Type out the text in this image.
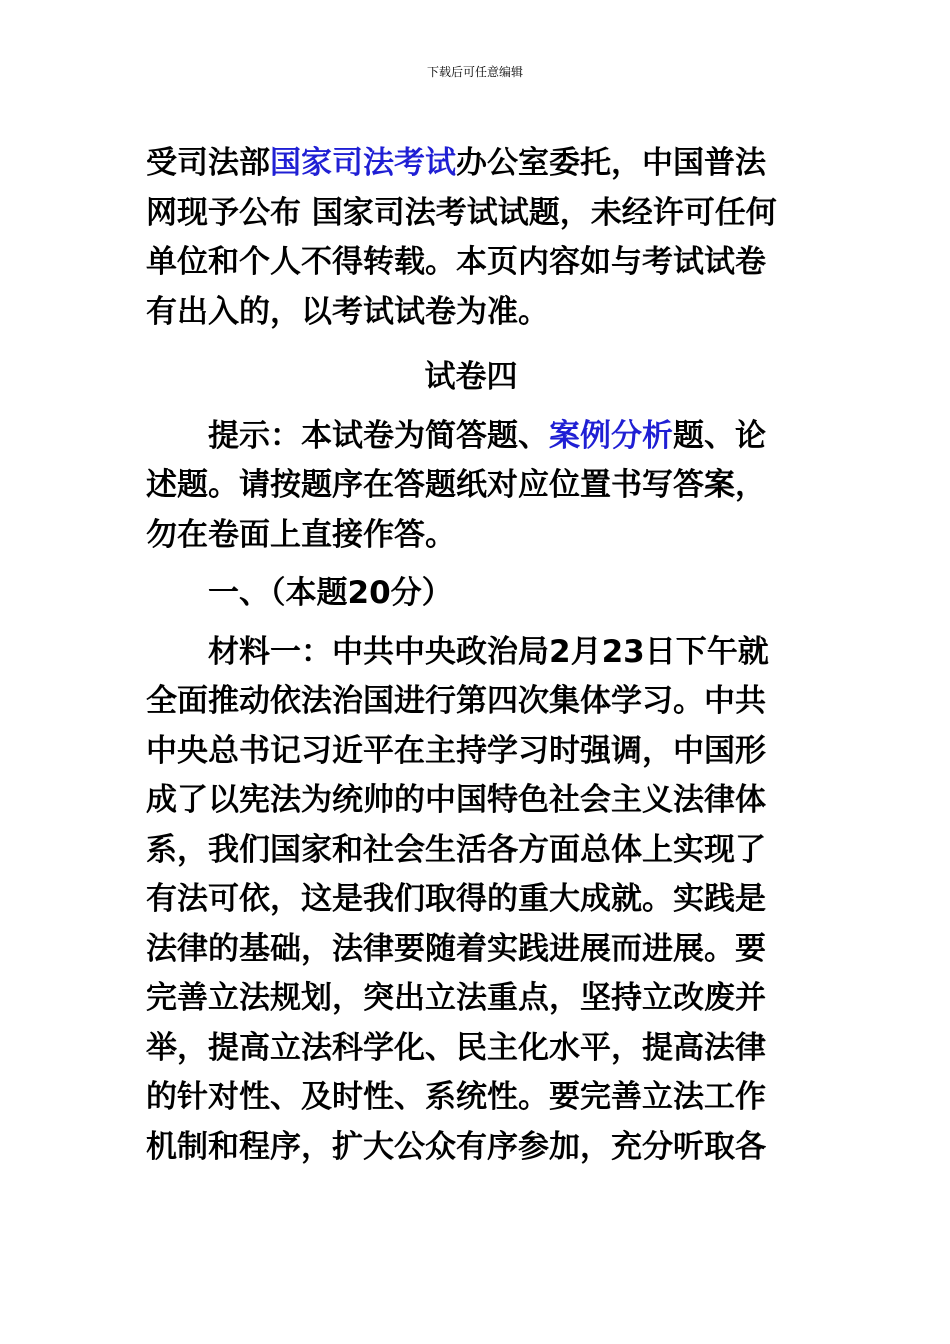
下载后可任意编辑

受司法部国家司法考试办公室委托，中国普法网现予公布 国家司法考试试题，未经许可任何单位和个人不得转载。本页内容如与考试试卷有出入的，以考试试卷为准。

试卷四

提示：本试卷为简答题、案例分析题、论述题。请按题序在答题纸对应位置书写答案，勿在卷面上直接作答。

一、（本题20分）

材料一：中共中央政治局2月23日下午就全面推动依法治国进行第四次集体学习。中共中央总书记习近平在主持学习时强调，中国形成了以宪法为统帅的中国特色社会主义法律体系，我们国家和社会生活各方面总体上实现了有法可依，这是我们取得的重大成就。实践是法律的基础，法律要随着实践进展而进展。要完善立法规划，突出立法重点，坚持立改废并举，提高立法科学化、民主化水平，提高法律的针对性、及时性、系统性。要完善立法工作机制和程序，扩大公众有序参加，充分听取各
